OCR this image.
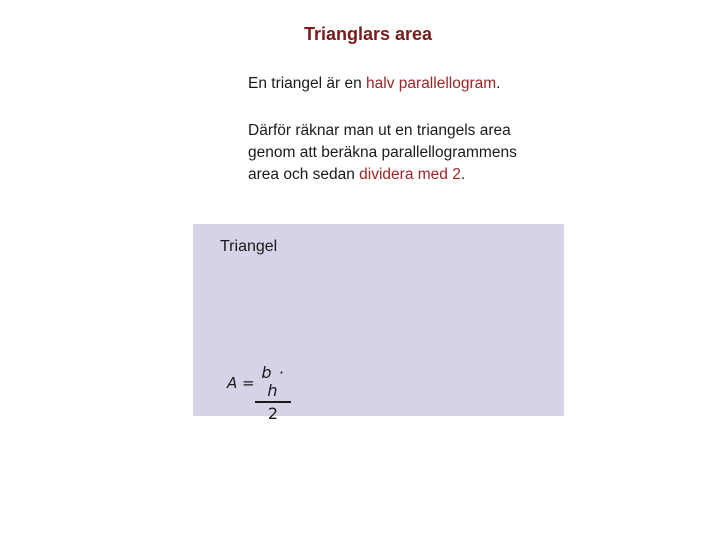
Trianglars area
En triangel är en halv parallellogram.
Därför räknar man ut en triangels area
genom att beräkna parallellogrammens
area och sedan dividera med 2.
Triangel
A =
b · h
2
